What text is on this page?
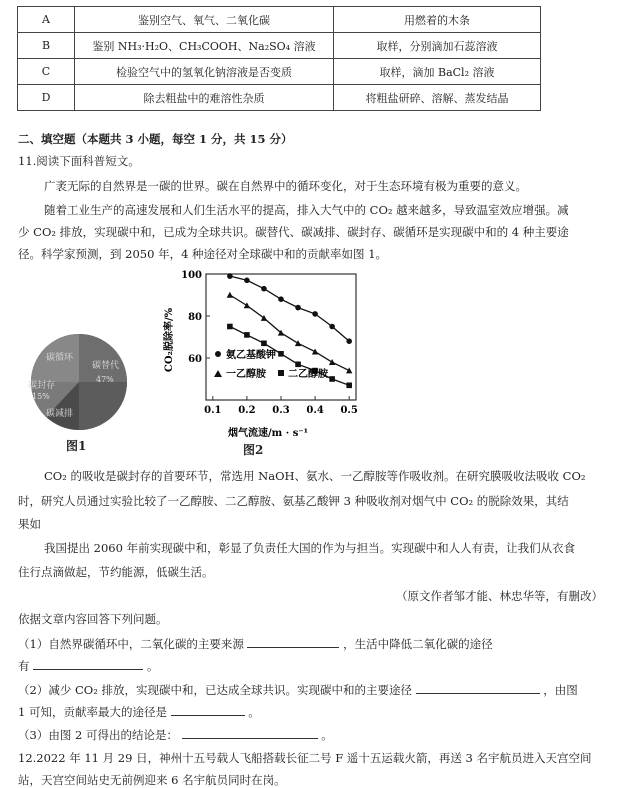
A	鉴别空气、氧气、二氧化碳	用燃着的木条
B	鉴别 NH₃·H₂O、CH₃COOH、Na₂SO₄ 溶液	取样，分别滴加石蕊溶液
C	检验空气中的氢氧化钠溶液是否变质	取样，滴加 BaCl₂ 溶液
D	除去粗盐中的难溶性杂质	将粗盐研碎、溶解、蒸发结晶
二、填空题（本题共 3 小题，每空 1 分，共 15 分）
11.阅读下面科普短文。
广袤无际的自然界是一碳的世界。碳在自然界中的循环变化，对于生态环境有极为重要的意义。
随着工业生产的高速发展和人们生活水平的提高，排入大气中的 CO₂ 越来越多，导致温室效应增强。减
少 CO₂ 排放，实现碳中和，已成为全球共识。碳替代、碳减排、碳封存、碳循环是实现碳中和的 4 种主要途
径。科学家预测，到 2050 年，4 种途径对全球碳中和的贡献率如图 1。
碳循环
碳替代
47%
碳封存
15%
碳减排
图1
60
80
100
0.1 0.2 0.3 0.4 0.5
CO₂脱除率/%
烟气流速/m · s⁻¹
氨乙基酸钾
一乙醇胺 二乙醇胺
图2
CO₂ 的吸收是碳封存的首要环节，常选用 NaOH、氨水、一乙醇胺等作吸收剂。在研究膜吸收法吸收 CO₂
时，研究人员通过实验比较了一乙醇胺、二乙醇胺、氨基乙酸钾 3 种吸收剂对烟气中 CO₂ 的脱除效果，其结
果如
我国提出 2060 年前实现碳中和，彰显了负责任大国的作为与担当。实现碳中和人人有责，让我们从衣食
住行点滴做起，节约能源，低碳生活。
（原文作者邹才能、林忠华等，有删改）
依据文章内容回答下列问题。
（1）自然界碳循环中，二氧化碳的主要来源	，生活中降低二氧化碳的途径
有	。
（2）减少 CO₂ 排放，实现碳中和，已达成全球共识。实现碳中和的主要途径	，由图
1 可知，贡献率最大的途径是	。
（3）由图 2 可得出的结论是：	。
12.2022 年 11 月 29 日，神州十五号载人飞船搭载长征二号 F 遥十五运载火箭，再送 3 名宇航员进入天宫空间
站，天宫空间站史无前例迎来 6 名宇航员同时在岗。
